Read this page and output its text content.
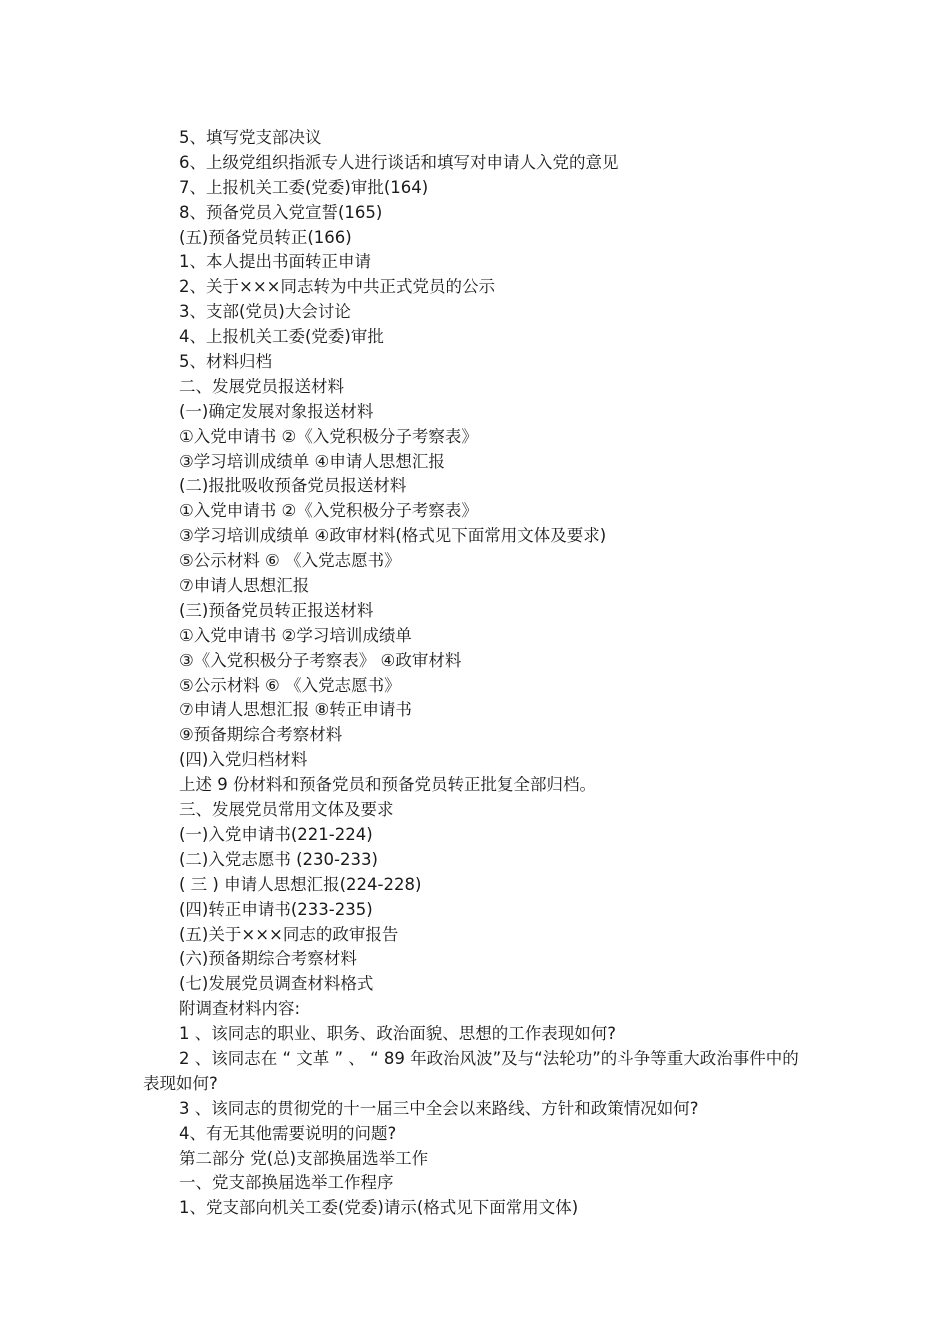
5、填写党支部决议
6、上级党组织指派专人进行谈话和填写对申请人入党的意见
7、上报机关工委(党委)审批(164)
8、预备党员入党宣誓(165)
(五)预备党员转正(166)
1、本人提出书面转正申请
2、关于×××同志转为中共正式党员的公示
3、支部(党员)大会讨论
4、上报机关工委(党委)审批
5、材料归档
二、发展党员报送材料
(一)确定发展对象报送材料
①入党申请书 ②《入党积极分子考察表》
③学习培训成绩单 ④申请人思想汇报
(二)报批吸收预备党员报送材料
①入党申请书 ②《入党积极分子考察表》
③学习培训成绩单 ④政审材料(格式见下面常用文体及要求)
⑤公示材料 ⑥ 《入党志愿书》
⑦申请人思想汇报
(三)预备党员转正报送材料
①入党申请书 ②学习培训成绩单
③《入党积极分子考察表》 ④政审材料
⑤公示材料 ⑥ 《入党志愿书》
⑦申请人思想汇报 ⑧转正申请书
⑨预备期综合考察材料
(四)入党归档材料
上述 9 份材料和预备党员和预备党员转正批复全部归档。
三、发展党员常用文体及要求
(一)入党申请书(221-224)
(二)入党志愿书 (230-233)
( 三 ) 申请人思想汇报(224-228)
(四)转正申请书(233-235)
(五)关于×××同志的政审报告
(六)预备期综合考察材料
(七)发展党员调查材料格式
附调查材料内容:
1 、该同志的职业、职务、政治面貌、思想的工作表现如何?
2 、该同志在 “ 文革 ” 、 “ 89 年政治风波”及与“法轮功”的斗争等重大政治事件中的表现如何?
3 、该同志的贯彻党的十一届三中全会以来路线、方针和政策情况如何?
4、有无其他需要说明的问题?
第二部分 党(总)支部换届选举工作
一、党支部换届选举工作程序
1、党支部向机关工委(党委)请示(格式见下面常用文体)
